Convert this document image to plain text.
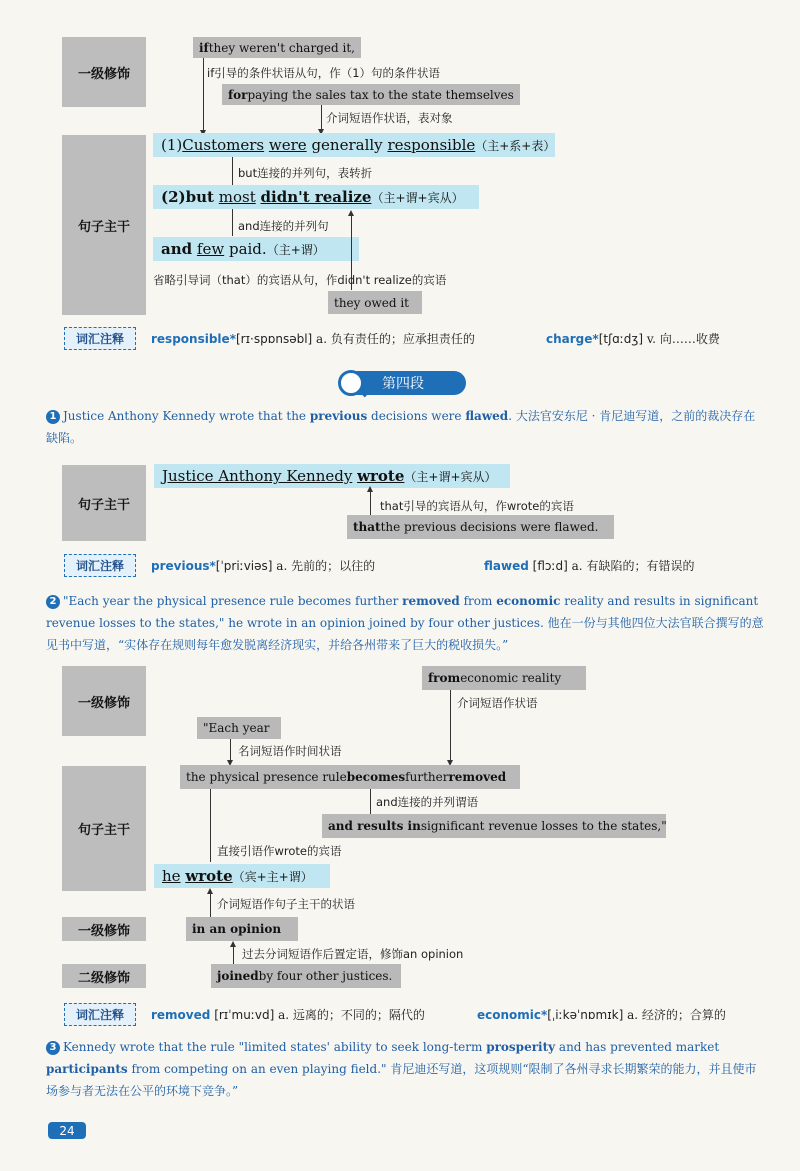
一级修饰
句子主干
if they weren't charged it,
if引导的条件状语从句，作（1）句的条件状语
for paying the sales tax to the state themselves
介词短语作状语，表对象
(1) Customers
were
generally
responsible （主+系+表）
but连接的并列句，表转折
(2) but
most
didn't realize （主+谓+宾从）
and连接的并列句
and
few
paid. （主+谓）
省略引导词（that）的宾语从句，作didn't realize的宾语
they owed it
词汇注释	responsible*[rɪ·spɒnsəbl] a. 负有责任的；应承担责任的	charge*[tʃɑːdʒ] v. 向……收费
第四段
1 Justice Anthony Kennedy wrote that the previous decisions were flawed. 大法官安东尼 · 肯尼迪写道，之前的裁决存在缺陷。
句子主干
Justice Anthony Kennedy
wrote （主+谓+宾从）
that引导的宾语从句，作wrote的宾语
that the previous decisions were flawed.
词汇注释	previous*[ˈpriːviəs] a. 先前的；以往的	flawed [flɔːd] a. 有缺陷的；有错误的
2 "Each year the physical presence rule becomes further removed from economic reality and results in significant revenue losses to the states," he wrote in an opinion joined by four other justices. 他在一份与其他四位大法官联合撰写的意见书中写道，“实体存在规则每年愈发脱离经济现实，并给各州带来了巨大的税收损失。”
一级修饰
句子主干
一级修饰
二级修饰
from economic reality
介词短语作状语
"Each year
名词短语作时间状语
the physical presence rule becomes further removed
and连接的并列谓语
and results in significant revenue losses to the states,"
直接引语作wrote的宾语
he
wrote （宾+主+谓）
介词短语作句子主干的状语
in an opinion
过去分词短语作后置定语，修饰an opinion
joined by four other justices.
词汇注释	removed [rɪˈmuːvd] a. 远离的；不同的；隔代的	economic*[ˌiːkəˈnɒmɪk] a. 经济的；合算的
3 Kennedy wrote that the rule "limited states' ability to seek long-term prosperity and has prevented market participants from competing on an even playing field." 肯尼迪还写道，这项规则“限制了各州寻求长期繁荣的能力，并且使市场参与者无法在公平的环境下竞争。”
24
